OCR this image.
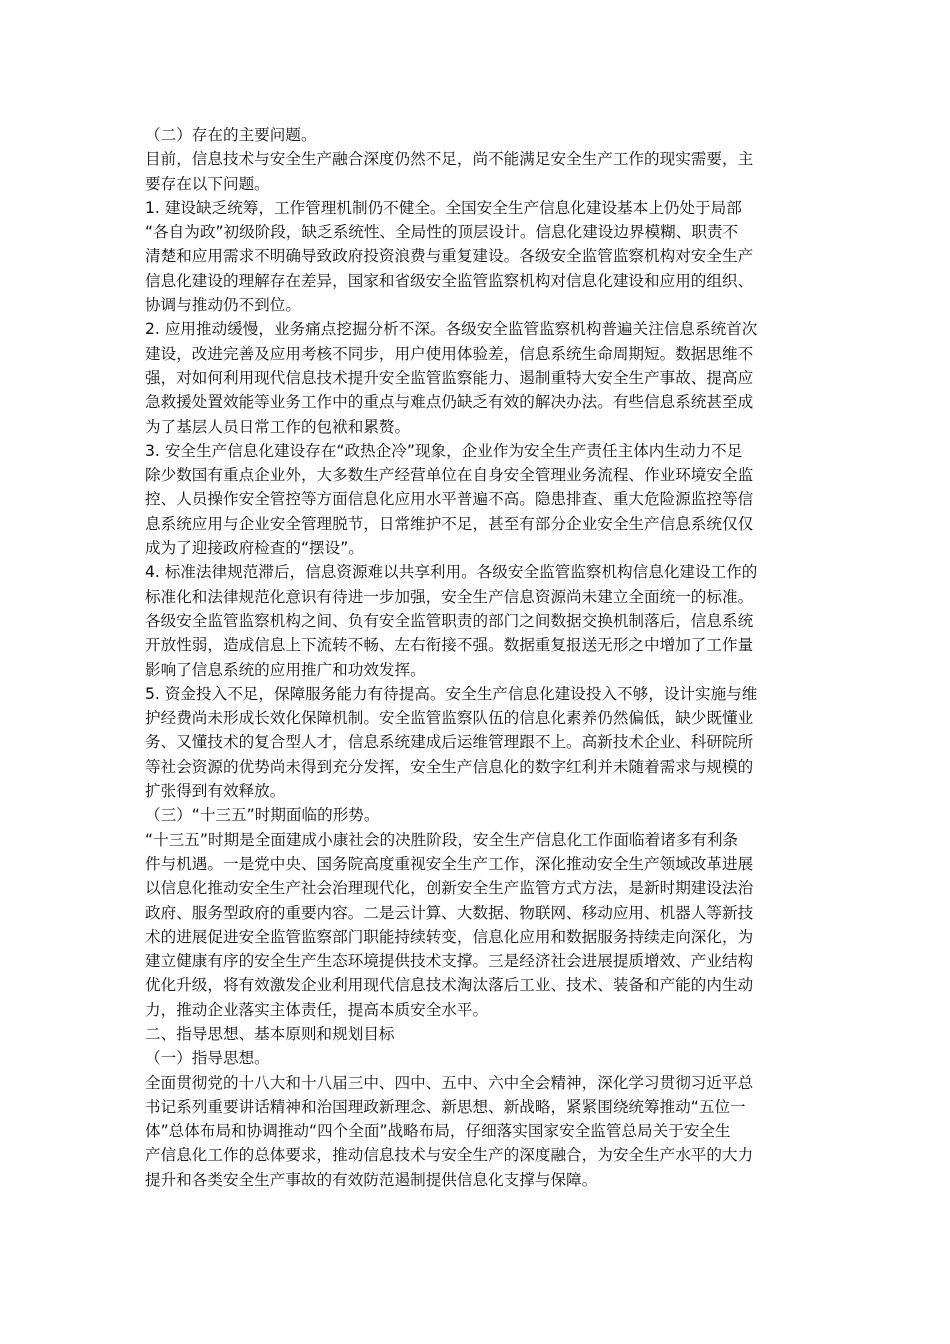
（二）存在的主要问题。
目前，信息技术与安全生产融合深度仍然不足，尚不能满足安全生产工作的现实需要，主
要存在以下问题。
1. 建设缺乏统筹，工作管理机制仍不健全。全国安全生产信息化建设基本上仍处于局部
“各自为政”初级阶段，缺乏系统性、全局性的顶层设计。信息化建设边界模糊、职责不
清楚和应用需求不明确导致政府投资浪费与重复建设。各级安全监管监察机构对安全生产
信息化建设的理解存在差异，国家和省级安全监管监察机构对信息化建设和应用的组织、
协调与推动仍不到位。
2. 应用推动缓慢，业务痛点挖掘分析不深。各级安全监管监察机构普遍关注信息系统首次
建设，改进完善及应用考核不同步，用户使用体验差，信息系统生命周期短。数据思维不
强，对如何利用现代信息技术提升安全监管监察能力、遏制重特大安全生产事故、提高应
急救援处置效能等业务工作中的重点与难点仍缺乏有效的解决办法。有些信息系统甚至成
为了基层人员日常工作的包袱和累赘。
3. 安全生产信息化建设存在“政热企冷”现象，企业作为安全生产责任主体内生动力不足
除少数国有重点企业外，大多数生产经营单位在自身安全管理业务流程、作业环境安全监
控、人员操作安全管控等方面信息化应用水平普遍不高。隐患排查、重大危险源监控等信
息系统应用与企业安全管理脱节，日常维护不足，甚至有部分企业安全生产信息系统仅仅
成为了迎接政府检查的“摆设”。
4. 标准法律规范滞后，信息资源难以共享利用。各级安全监管监察机构信息化建设工作的
标准化和法律规范化意识有待进一步加强，安全生产信息资源尚未建立全面统一的标准。
各级安全监管监察机构之间、负有安全监管职责的部门之间数据交换机制落后，信息系统
开放性弱，造成信息上下流转不畅、左右衔接不强。数据重复报送无形之中增加了工作量
影响了信息系统的应用推广和功效发挥。
5. 资金投入不足，保障服务能力有待提高。安全生产信息化建设投入不够，设计实施与维
护经费尚未形成长效化保障机制。安全监管监察队伍的信息化素养仍然偏低，缺少既懂业
务、又懂技术的复合型人才，信息系统建成后运维管理跟不上。高新技术企业、科研院所
等社会资源的优势尚未得到充分发挥，安全生产信息化的数字红利并未随着需求与规模的
扩张得到有效释放。
（三）“十三五”时期面临的形势。
“十三五”时期是全面建成小康社会的决胜阶段，安全生产信息化工作面临着诸多有利条
件与机遇。一是党中央、国务院高度重视安全生产工作，深化推动安全生产领域改革进展
以信息化推动安全生产社会治理现代化，创新安全生产监管方式方法，是新时期建设法治
政府、服务型政府的重要内容。二是云计算、大数据、物联网、移动应用、机器人等新技
术的进展促进安全监管监察部门职能持续转变，信息化应用和数据服务持续走向深化，为
建立健康有序的安全生产生态环境提供技术支撑。三是经济社会进展提质增效、产业结构
优化升级，将有效激发企业利用现代信息技术淘汰落后工业、技术、装备和产能的内生动
力，推动企业落实主体责任，提高本质安全水平。
二、指导思想、基本原则和规划目标
（一）指导思想。
全面贯彻党的十八大和十八届三中、四中、五中、六中全会精神，深化学习贯彻习近平总
书记系列重要讲话精神和治国理政新理念、新思想、新战略，紧紧围绕统筹推动“五位一
体”总体布局和协调推动“四个全面”战略布局，仔细落实国家安全监管总局关于安全生
产信息化工作的总体要求，推动信息技术与安全生产的深度融合，为安全生产水平的大力
提升和各类安全生产事故的有效防范遏制提供信息化支撑与保障。
